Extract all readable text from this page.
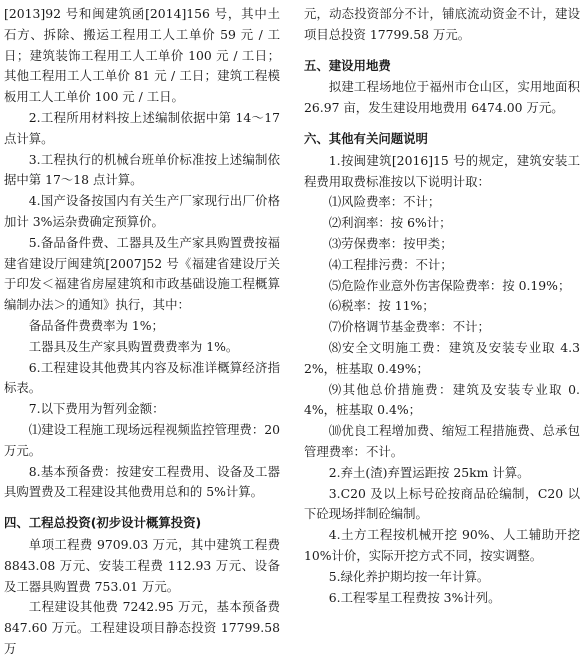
[2013]92 号和闽建筑函[2014]156 号，其中土石方、拆除、搬运工程用工人工单价 59 元 / 工日；建筑装饰工程用工人工单价 100 元 / 工日；其他工程用工人工单价 81 元 / 工日；建筑工程模板用工人工单价 100 元 / 工日。

2.工程所用材料按上述编制依据中第 14～17 点计算。

3.工程执行的机械台班单价标准按上述编制依据中第 17～18 点计算。

4.国产设备按国内有关生产厂家现行出厂价格加计 3%运杂费确定预算价。

5.备品备件费、工器具及生产家具购置费按福建省建设厅闽建筑[2007]52 号《福建省建设厅关于印发＜福建省房屋建筑和市政基础设施工程概算编制办法＞的通知》执行，其中：

备品备件费费率为 1%；

工器具及生产家具购置费费率为 1%。

6.工程建设其他费其内容及标准详概算经济指标表。

7.以下费用为暂列金额：

⑴建设工程施工现场远程视频监控管理费：20 万元。

8.基本预备费：按建安工程费用、设备及工器具购置费及工程建设其他费用总和的 5%计算。

四、工程总投资(初步设计概算投资)

单项工程费 9709.03 万元，其中建筑工程费 8843.08 万元、安装工程费 112.93 万元、设备及工器具购置费 753.01 万元。

工程建设其他费 7242.95 万元，基本预备费 847.60 万元。工程建设项目静态投资 17799.58 万

元，动态投资部分不计，铺底流动资金不计，建设项目总投资 17799.58 万元。

五、建设用地费

拟建工程场地位于福州市仓山区，实用地面积 26.97 亩，发生建设用地费用 6474.00 万元。

六、其他有关问题说明

1.按闽建筑[2016]15 号的规定，建筑安装工程费用取费标准按以下说明计取：

⑴风险费率：不计；

⑵利润率：按 6%计；

⑶劳保费率：按甲类；

⑷工程排污费：不计；

⑸危险作业意外伤害保险费率：按 0.19%；

⑹税率：按 11%；

⑺价格调节基金费率：不计；

⑻安全文明施工费：建筑及安装专业取 4.32%，桩基取 0.49%；

⑼其他总价措施费：建筑及安装专业取 0.4%，桩基取 0.4%；

⑽优良工程增加费、缩短工程措施费、总承包管理费率：不计。

2.弃土(渣)弃置运距按 25km 计算。

3.C20 及以上标号砼按商品砼编制，C20 以下砼现场拌制砼编制。

4.土方工程按机械开挖 90%、人工辅助开挖 10%计价，实际开挖方式不同，按实调整。

5.绿化养护期均按一年计算。

6.工程零星工程费按 3%计列。
